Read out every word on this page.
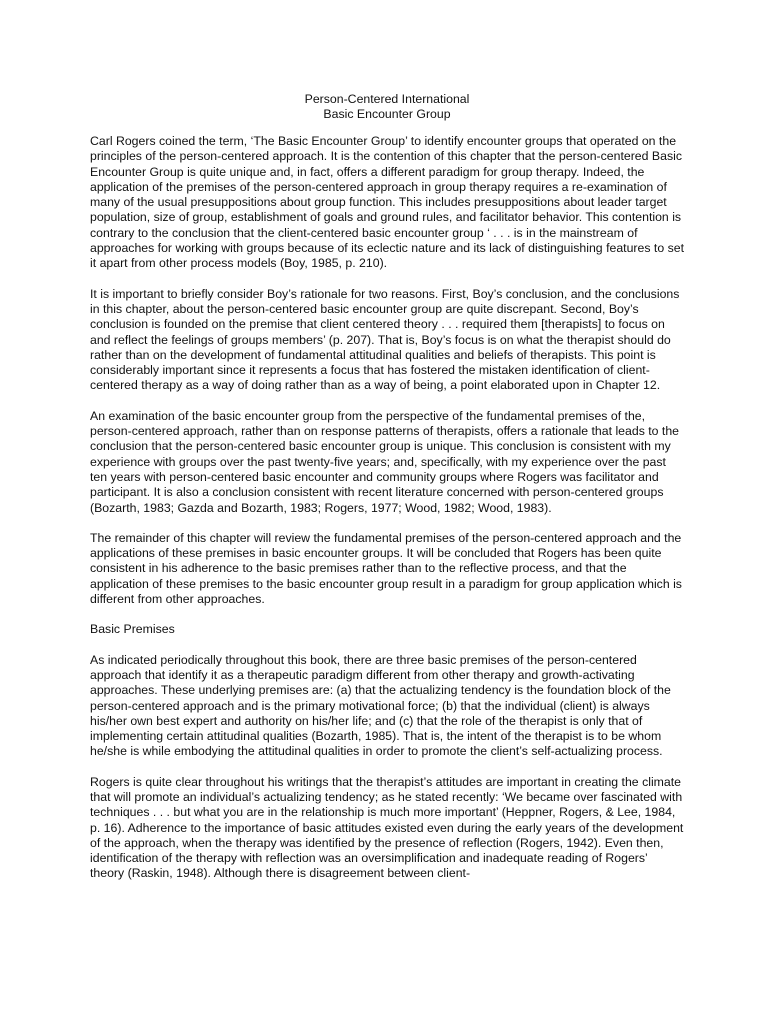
Person-Centered International
Basic Encounter Group

Carl Rogers coined the term, ‘The Basic Encounter Group’ to identify encounter groups that operated on the principles of the person-centered approach. It is the contention of this chapter that the person-centered Basic Encounter Group is quite unique and, in fact, offers a different paradigm for group therapy. Indeed, the application of the premises of the person-centered approach in group therapy requires a re-examination of many of the usual presuppositions about group function. This includes presuppositions about leader target population, size of group, establishment of goals and ground rules, and facilitator behavior. This contention is contrary to the conclusion that the client-centered basic encounter group ‘ . . . is in the mainstream of approaches for working with groups because of its eclectic nature and its lack of distinguishing features to set it apart from other process models (Boy, 1985, p. 210).

It is important to briefly consider Boy’s rationale for two reasons. First, Boy’s conclusion, and the conclusions in this chapter, about the person-centered basic encounter group are quite discrepant. Second, Boy’s conclusion is founded on the premise that client centered theory . . . required them [therapists] to focus on and reflect the feelings of groups members’ (p. 207). That is, Boy’s focus is on what the therapist should do rather than on the development of fundamental attitudinal qualities and beliefs of therapists. This point is considerably important since it represents a focus that has fostered the mistaken identification of client-centered therapy as a way of doing rather than as a way of being, a point elaborated upon in Chapter 12.

An examination of the basic encounter group from the perspective of the fundamental premises of the, person-centered approach, rather than on response patterns of therapists, offers a rationale that leads to the conclusion that the person-centered basic encounter group is unique. This conclusion is consistent with my experience with groups over the past twenty-five years; and, specifically, with my experience over the past ten years with person-centered basic encounter and community groups where Rogers was facilitator and participant. It is also a conclusion consistent with recent literature concerned with person-centered groups (Bozarth, 1983; Gazda and Bozarth, 1983; Rogers, 1977; Wood, 1982; Wood, 1983).

The remainder of this chapter will review the fundamental premises of the person-centered approach and the applications of these premises in basic encounter groups. It will be concluded that Rogers has been quite consistent in his adherence to the basic premises rather than to the reflective process, and that the application of these premises to the basic encounter group result in a paradigm for group application which is different from other approaches.

Basic Premises

As indicated periodically throughout this book, there are three basic premises of the person-centered approach that identify it as a therapeutic paradigm different from other therapy and growth-activating approaches. These underlying premises are: (a) that the actualizing tendency is the foundation block of the person-centered approach and is the primary motivational force; (b) that the individual (client) is always his/her own best expert and authority on his/her life; and (c) that the role of the therapist is only that of implementing certain attitudinal qualities (Bozarth, 1985). That is, the intent of the therapist is to be whom he/she is while embodying the attitudinal qualities in order to promote the client’s self-actualizing process.

Rogers is quite clear throughout his writings that the therapist’s attitudes are important in creating the climate that will promote an individual’s actualizing tendency; as he stated recently: ‘We became over fascinated with techniques . . . but what you are in the relationship is much more important’ (Heppner, Rogers, & Lee, 1984, p. 16). Adherence to the importance of basic attitudes existed even during the early years of the development of the approach, when the therapy was identified by the presence of reflection (Rogers, 1942). Even then, identification of the therapy with reflection was an oversimplification and inadequate reading of Rogers’ theory (Raskin, 1948). Although there is disagreement between client-
